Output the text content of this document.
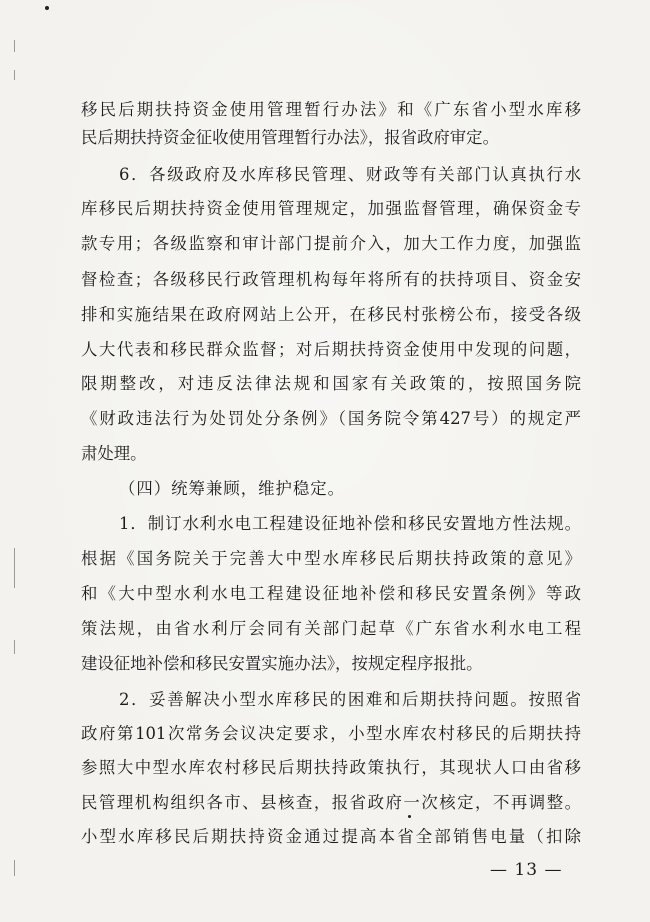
移民后期扶持资金使用管理暂行办法》和《广东省小型水库移
民后期扶持资金征收使用管理暂行办法》，报省政府审定。
6．各级政府及水库移民管理、财政等有关部门认真执行水
库移民后期扶持资金使用管理规定，加强监督管理，确保资金专
款专用；各级监察和审计部门提前介入，加大工作力度，加强监
督检查；各级移民行政管理机构每年将所有的扶持项目、资金安
排和实施结果在政府网站上公开，在移民村张榜公布，接受各级
人大代表和移民群众监督；对后期扶持资金使用中发现的问题，
限期整改，对违反法律法规和国家有关政策的，按照国务院
《财政违法行为处罚处分条例》（国务院令第427号）的规定严
肃处理。
（四）统筹兼顾，维护稳定。
1．制订水利水电工程建设征地补偿和移民安置地方性法规。
根据《国务院关于完善大中型水库移民后期扶持政策的意见》
和《大中型水利水电工程建设征地补偿和移民安置条例》等政
策法规，由省水利厅会同有关部门起草《广东省水利水电工程
建设征地补偿和移民安置实施办法》，按规定程序报批。
2．妥善解决小型水库移民的困难和后期扶持问题。按照省
政府第101次常务会议决定要求，小型水库农村移民的后期扶持
参照大中型水库农村移民后期扶持政策执行，其现状人口由省移
民管理机构组织各市、县核查，报省政府一次核定，不再调整。
小型水库移民后期扶持资金通过提高本省全部销售电量（扣除
— 13 —
